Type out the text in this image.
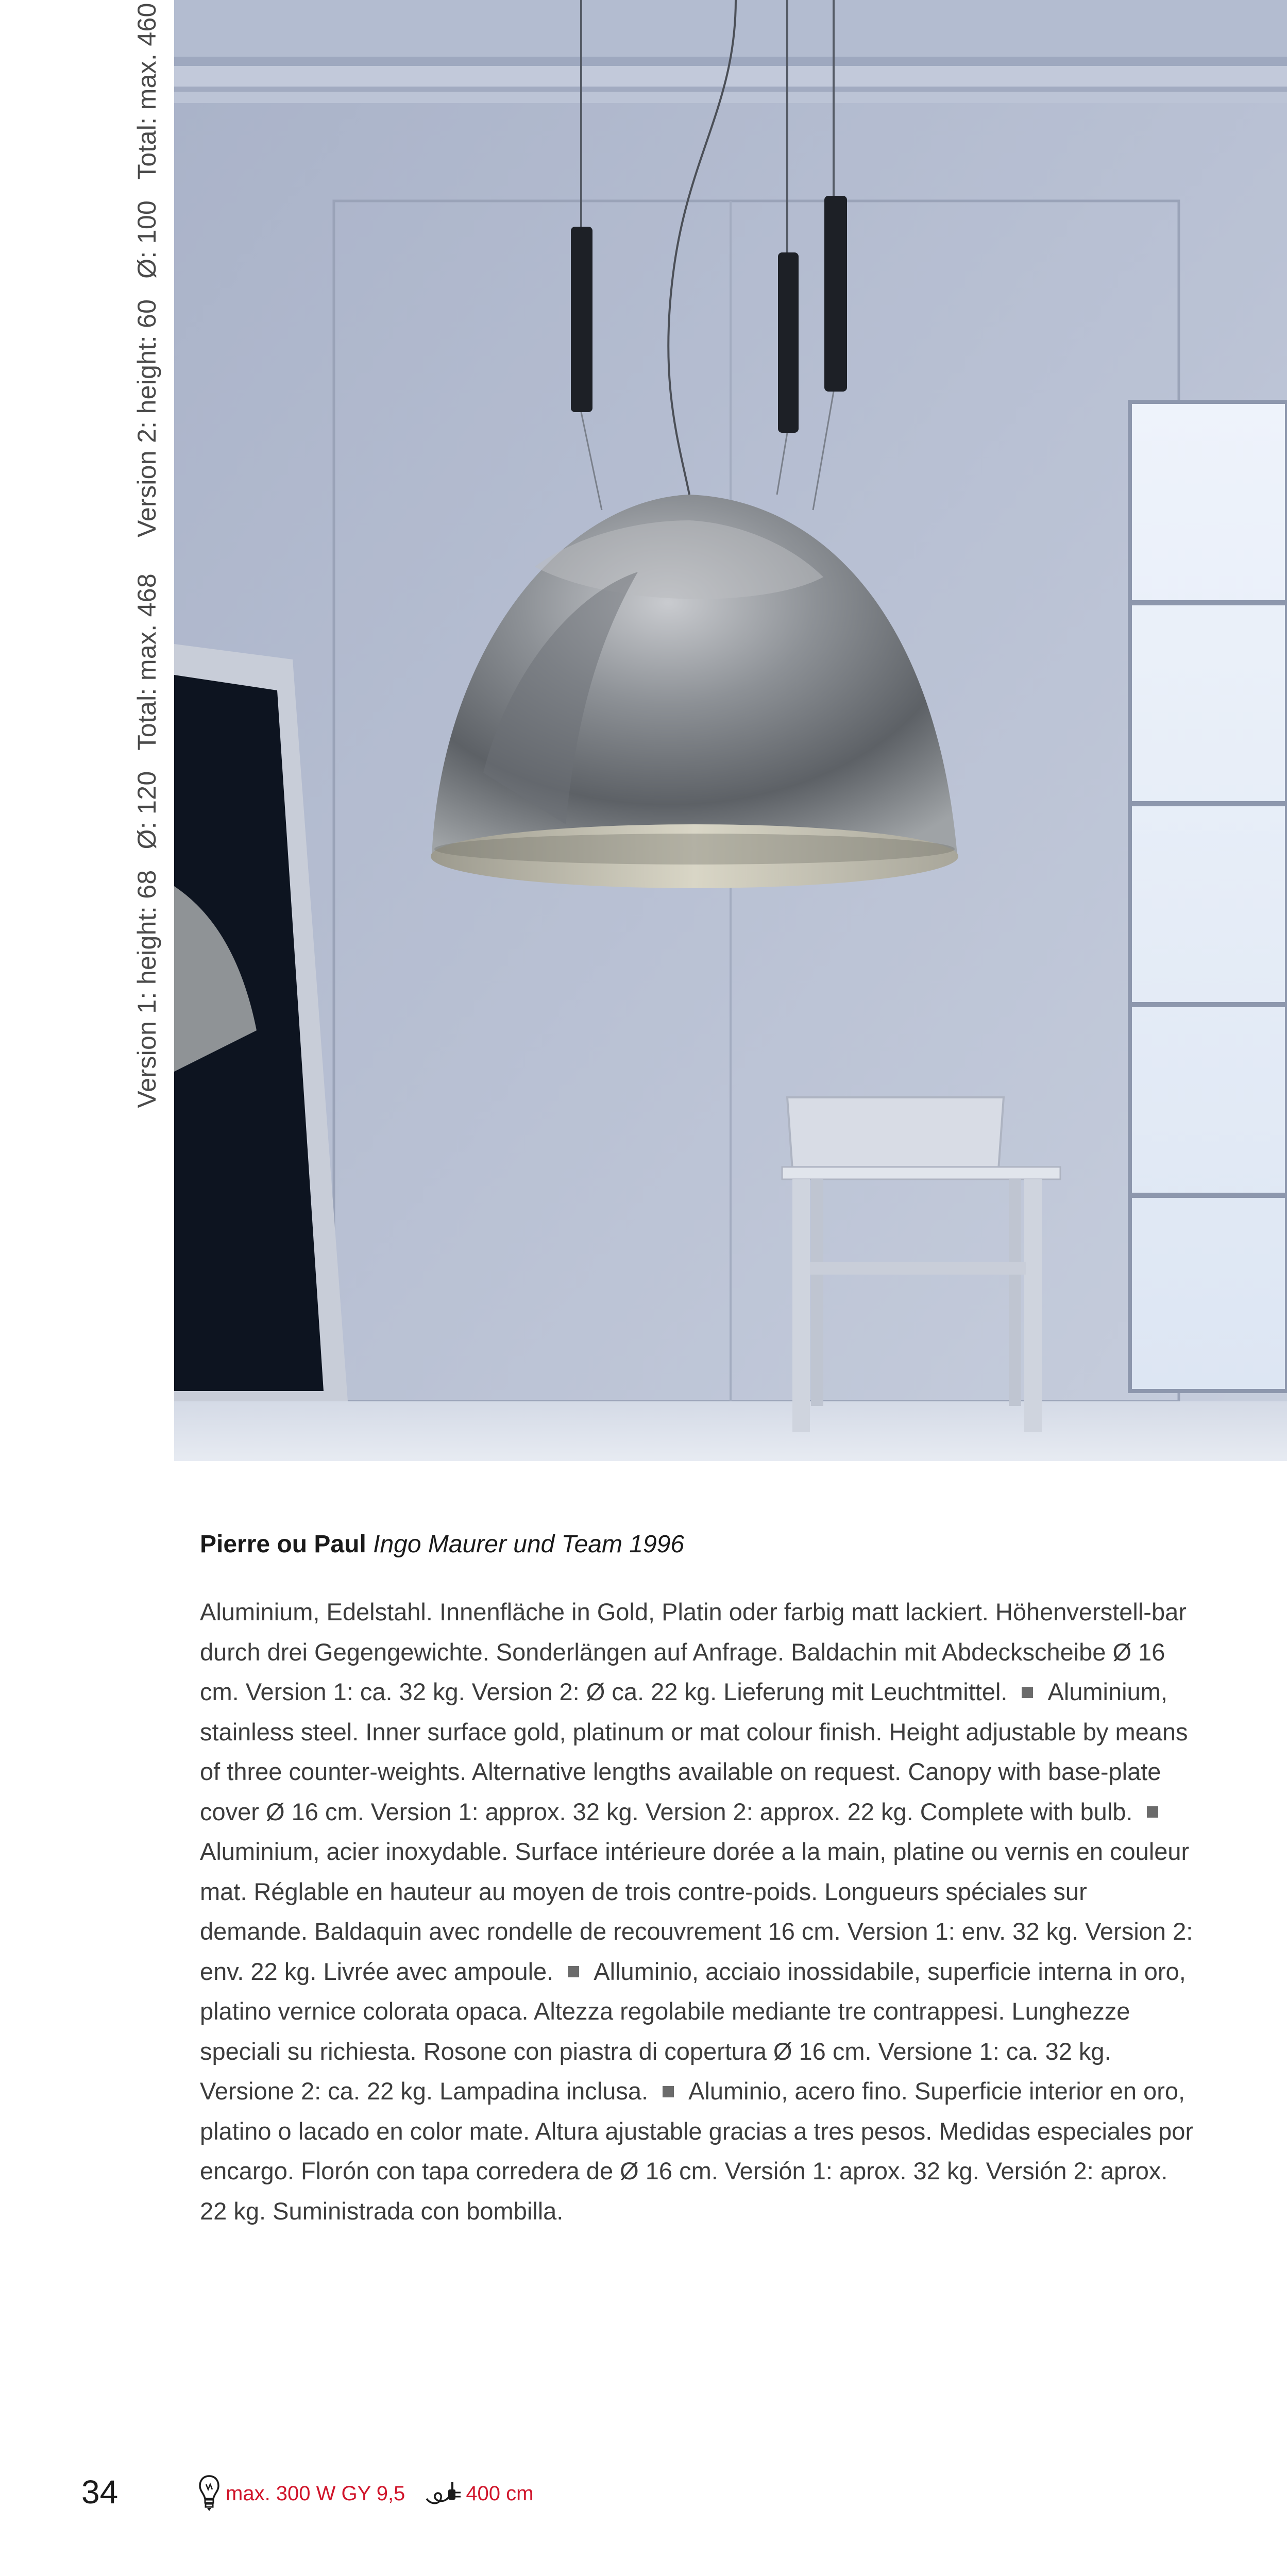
Version 1: height: 68Ø: 120Total: max. 468Version 2: height: 60Ø: 100Total: max. 460
Pierre ou Paul Ingo Maurer und Team 1996
Aluminium, Edelstahl. Innenfläche in Gold, Platin oder farbig matt lackiert. Höhenverstell-bar durch drei Gegengewichte. Sonderlängen auf Anfrage. Baldachin mit Abdeckscheibe Ø 16 cm. Version 1: ca. 32 kg. Version 2: Ø ca. 22 kg. Lieferung mit Leuchtmittel. Aluminium, stainless steel. Inner surface gold, platinum or mat colour finish. Height adjustable by means of three counter-weights. Alternative lengths available on request. Canopy with base-plate cover Ø 16 cm. Version 1: approx. 32 kg. Version 2: approx. 22 kg. Complete with bulb.Aluminium, acier inoxydable. Surface intérieure dorée a la main, platine ou vernis en couleur mat. Réglable en hauteur au moyen de trois contre-poids. Longueurs spéciales sur demande. Baldaquin avec rondelle de recouvrement 16 cm. Version 1: env. 32 kg. Version 2: env. 22 kg. Livrée avec ampoule. Alluminio, acciaio inossidabile, superficie interna in oro, platino vernice colorata opaca. Altezza regolabile mediante tre contrappesi. Lunghezze speciali su richiesta. Rosone con piastra di copertura Ø 16 cm. Versione 1: ca. 32 kg. Versione 2: ca. 22 kg. Lampadina inclusa. Aluminio, acero fino. Superficie interior en oro, platino o lacado en color mate. Altura ajustable gracias a tres pesos. Medidas especiales por encargo. Florón con tapa corredera de Ø 16 cm. Versión 1: aprox. 32 kg. Versión 2: aprox. 22 kg. Suministrada con bombilla.
34	max. 300 W GY 9,5	400 cm
